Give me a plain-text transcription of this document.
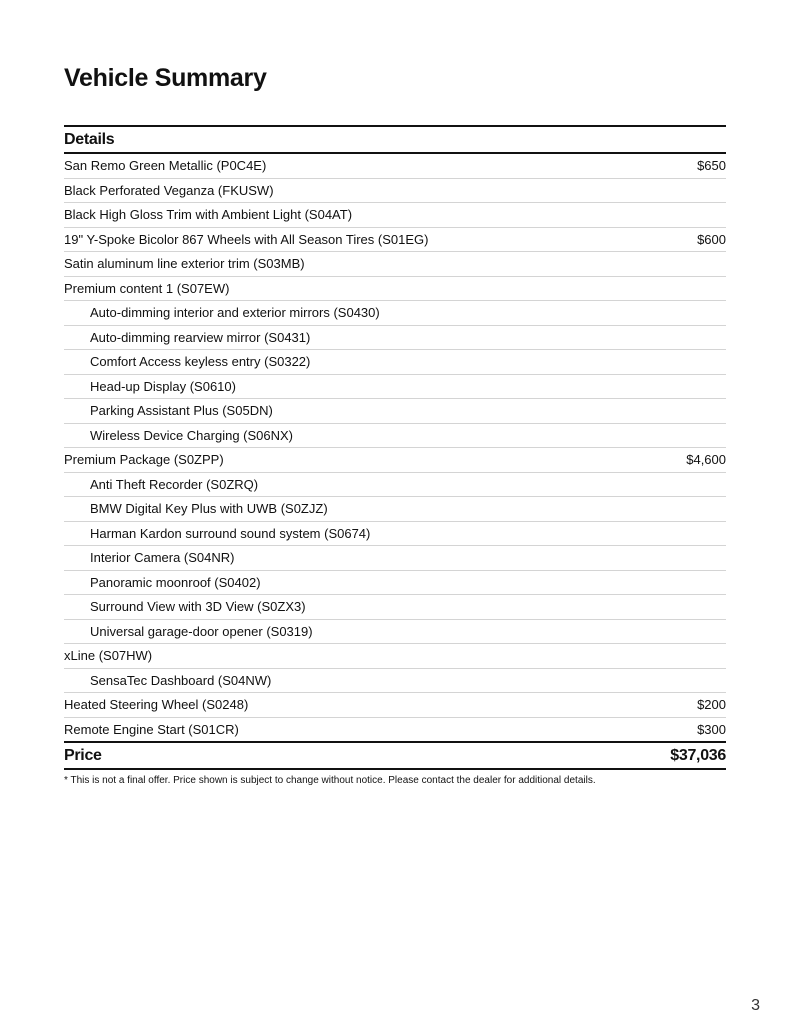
Vehicle Summary
Details
San Remo Green Metallic (P0C4E)	$650
Black Perforated Veganza (FKUSW)
Black High Gloss Trim with Ambient Light (S04AT)
19" Y-Spoke Bicolor 867 Wheels with All Season Tires (S01EG)	$600
Satin aluminum line exterior trim (S03MB)
Premium content 1 (S07EW)
Auto-dimming interior and exterior mirrors (S0430)
Auto-dimming rearview mirror (S0431)
Comfort Access keyless entry (S0322)
Head-up Display (S0610)
Parking Assistant Plus (S05DN)
Wireless Device Charging (S06NX)
Premium Package (S0ZPP)	$4,600
Anti Theft Recorder (S0ZRQ)
BMW Digital Key Plus with UWB (S0ZJZ)
Harman Kardon surround sound system (S0674)
Interior Camera (S04NR)
Panoramic moonroof (S0402)
Surround View with 3D View (S0ZX3)
Universal garage-door opener (S0319)
xLine (S07HW)
SensaTec Dashboard (S04NW)
Heated Steering Wheel (S0248)	$200
Remote Engine Start (S01CR)	$300
Price	$37,036
* This is not a final offer. Price shown is subject to change without notice. Please contact the dealer for additional details.
3
